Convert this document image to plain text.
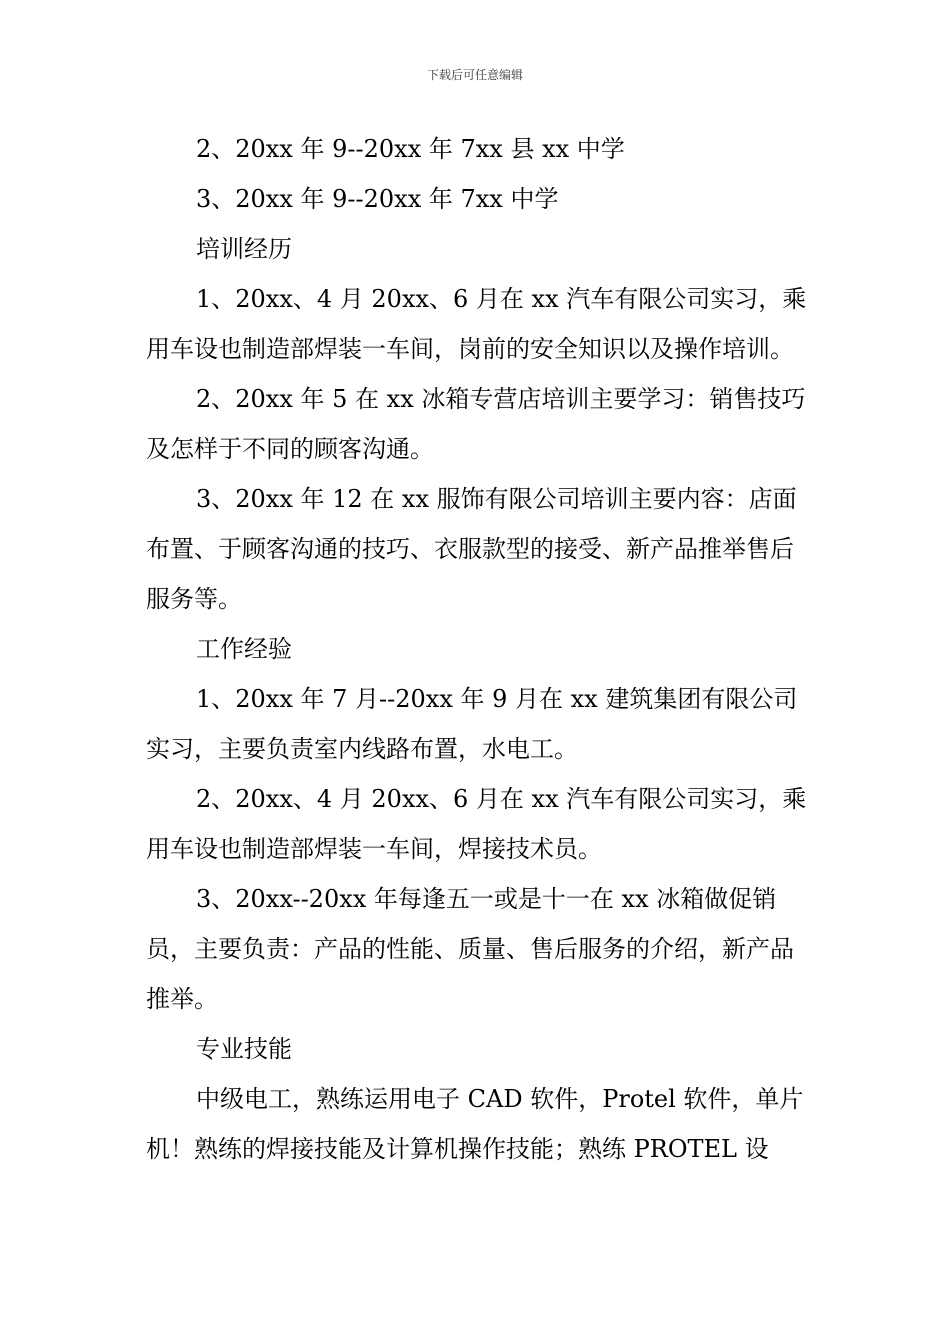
下载后可任意编辑

2、20xx 年 9--20xx 年 7xx 县 xx 中学

3、20xx 年 9--20xx 年 7xx 中学

培训经历

1、20xx、4 月 20xx、6 月在 xx 汽车有限公司实习，乘用车设也制造部焊装一车间，岗前的安全知识以及操作培训。

2、20xx 年 5 在 xx 冰箱专营店培训主要学习：销售技巧及怎样于不同的顾客沟通。

3、20xx 年 12 在 xx 服饰有限公司培训主要内容：店面布置、于顾客沟通的技巧、衣服款型的接受、新产品推举售后服务等。

工作经验

1、20xx 年 7 月--20xx 年 9 月在 xx 建筑集团有限公司实习，主要负责室内线路布置，水电工。

2、20xx、4 月 20xx、6 月在 xx 汽车有限公司实习，乘用车设也制造部焊装一车间，焊接技术员。

3、20xx--20xx 年每逢五一或是十一在 xx 冰箱做促销员，主要负责：产品的性能、质量、售后服务的介绍，新产品推举。

专业技能

中级电工，熟练运用电子 CAD 软件，Protel 软件，单片机！熟练的焊接技能及计算机操作技能；熟练 PROTEL 设
